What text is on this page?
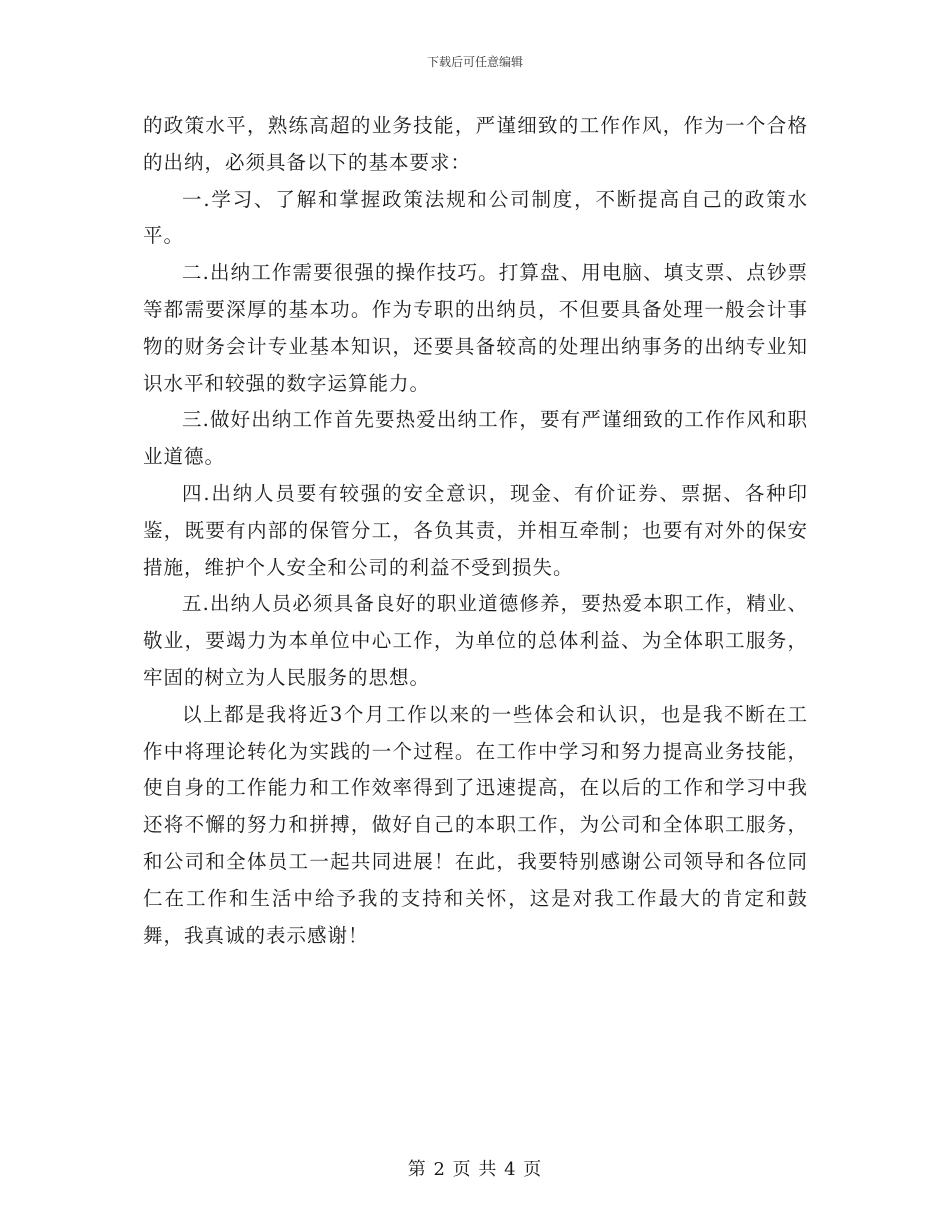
下载后可任意编辑

的政策水平，熟练高超的业务技能，严谨细致的工作作风，作为一个合格的出纳，必须具备以下的基本要求：

一.学习、了解和掌握政策法规和公司制度，不断提高自己的政策水平。

二.出纳工作需要很强的操作技巧。打算盘、用电脑、填支票、点钞票等都需要深厚的基本功。作为专职的出纳员，不但要具备处理一般会计事物的财务会计专业基本知识，还要具备较高的处理出纳事务的出纳专业知识水平和较强的数字运算能力。

三.做好出纳工作首先要热爱出纳工作，要有严谨细致的工作作风和职业道德。

四.出纳人员要有较强的安全意识，现金、有价证券、票据、各种印鉴，既要有内部的保管分工，各负其责，并相互牵制；也要有对外的保安措施，维护个人安全和公司的利益不受到损失。

五.出纳人员必须具备良好的职业道德修养，要热爱本职工作，精业、敬业，要竭力为本单位中心工作，为单位的总体利益、为全体职工服务，牢固的树立为人民服务的思想。

以上都是我将近3个月工作以来的一些体会和认识，也是我不断在工作中将理论转化为实践的一个过程。在工作中学习和努力提高业务技能，使自身的工作能力和工作效率得到了迅速提高，在以后的工作和学习中我还将不懈的努力和拼搏，做好自己的本职工作，为公司和全体职工服务，和公司和全体员工一起共同进展！在此，我要特别感谢公司领导和各位同仁在工作和生活中给予我的支持和关怀，这是对我工作最大的肯定和鼓舞，我真诚的表示感谢！

第 2 页 共 4 页
